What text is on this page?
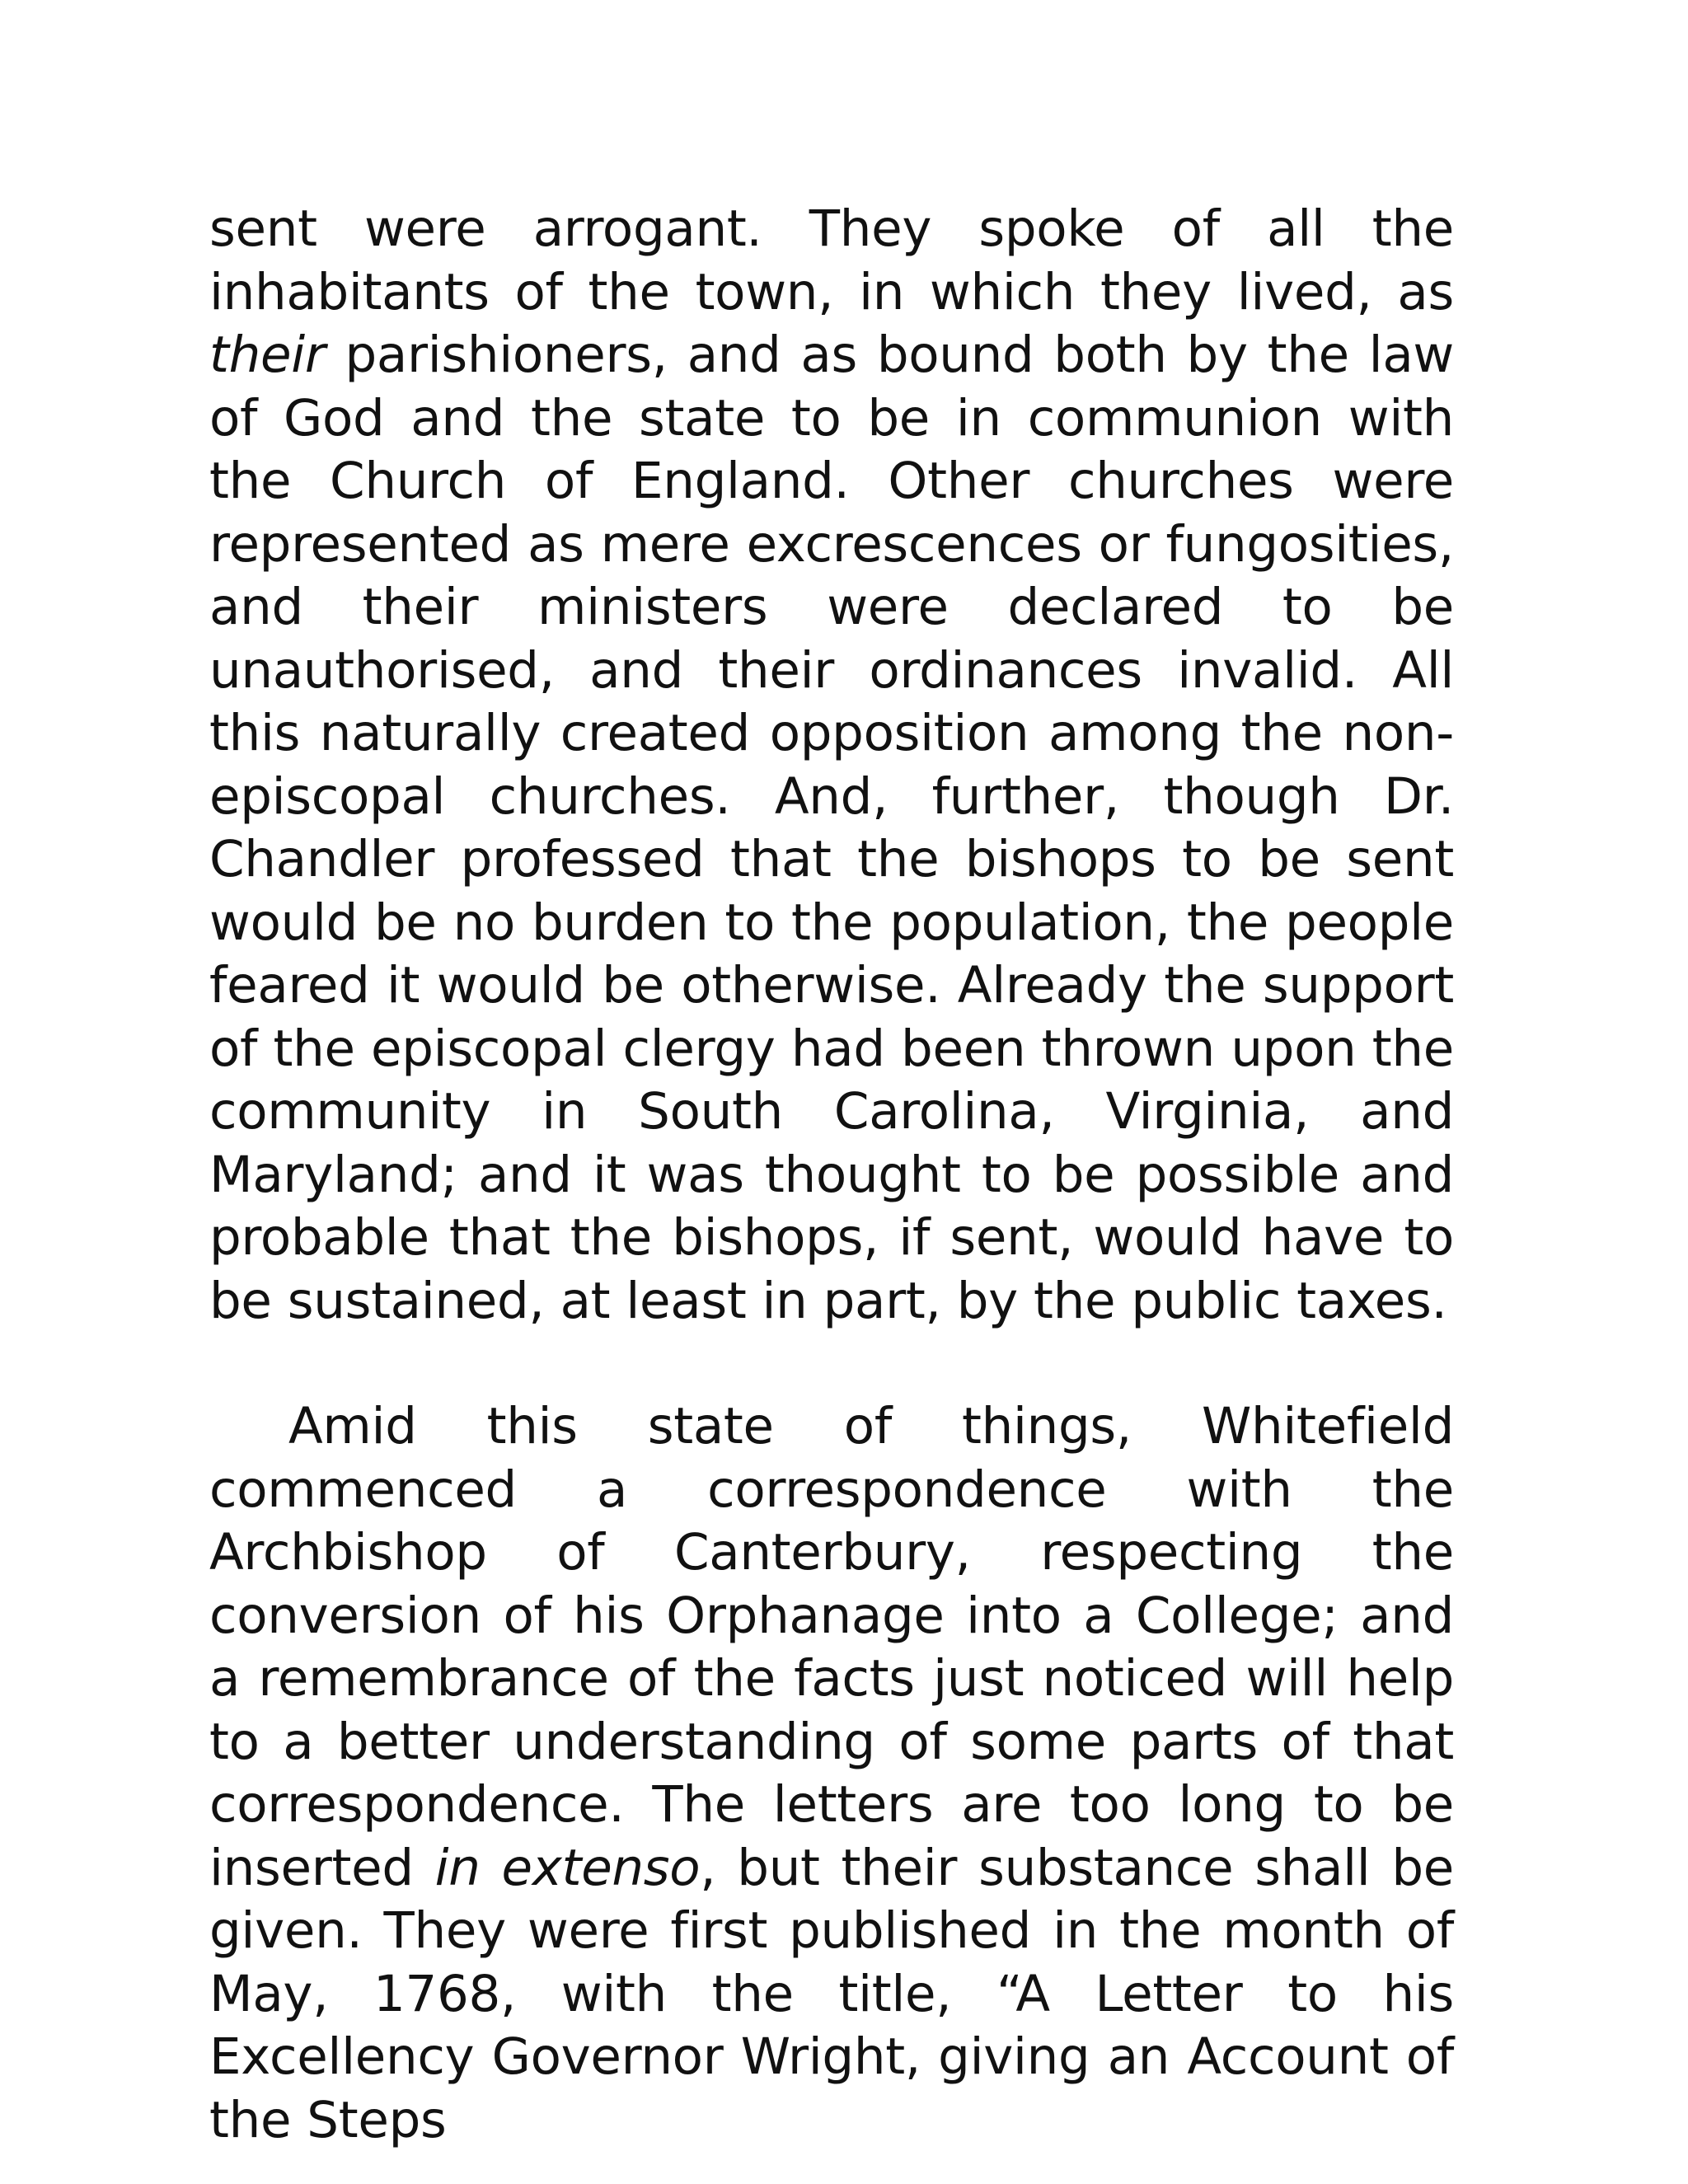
sent were arrogant. They spoke of all the inhabitants of the town, in which they lived, as their parishioners, and as bound both by the law of God and the state to be in communion with the Church of England. Other churches were represented as mere excrescences or fungosities, and their ministers were declared to be unauthorised, and their ordinances invalid. All this naturally created opposition among the non-episcopal churches. And, further, though Dr. Chandler professed that the bishops to be sent would be no burden to the population, the people feared it would be otherwise. Already the support of the episcopal clergy had been thrown upon the community in South Carolina, Virginia, and Maryland; and it was thought to be possible and probable that the bishops, if sent, would have to be sustained, at least in part, by the public taxes.

Amid this state of things, Whitefield commenced a correspondence with the Archbishop of Canterbury, respecting the conversion of his Orphanage into a College; and a remembrance of the facts just noticed will help to a better understanding of some parts of that correspondence. The letters are too long to be inserted in extenso, but their substance shall be given. They were first published in the month of May, 1768, with the title, “A Letter to his Excellency Governor Wright, giving an Account of the Steps
